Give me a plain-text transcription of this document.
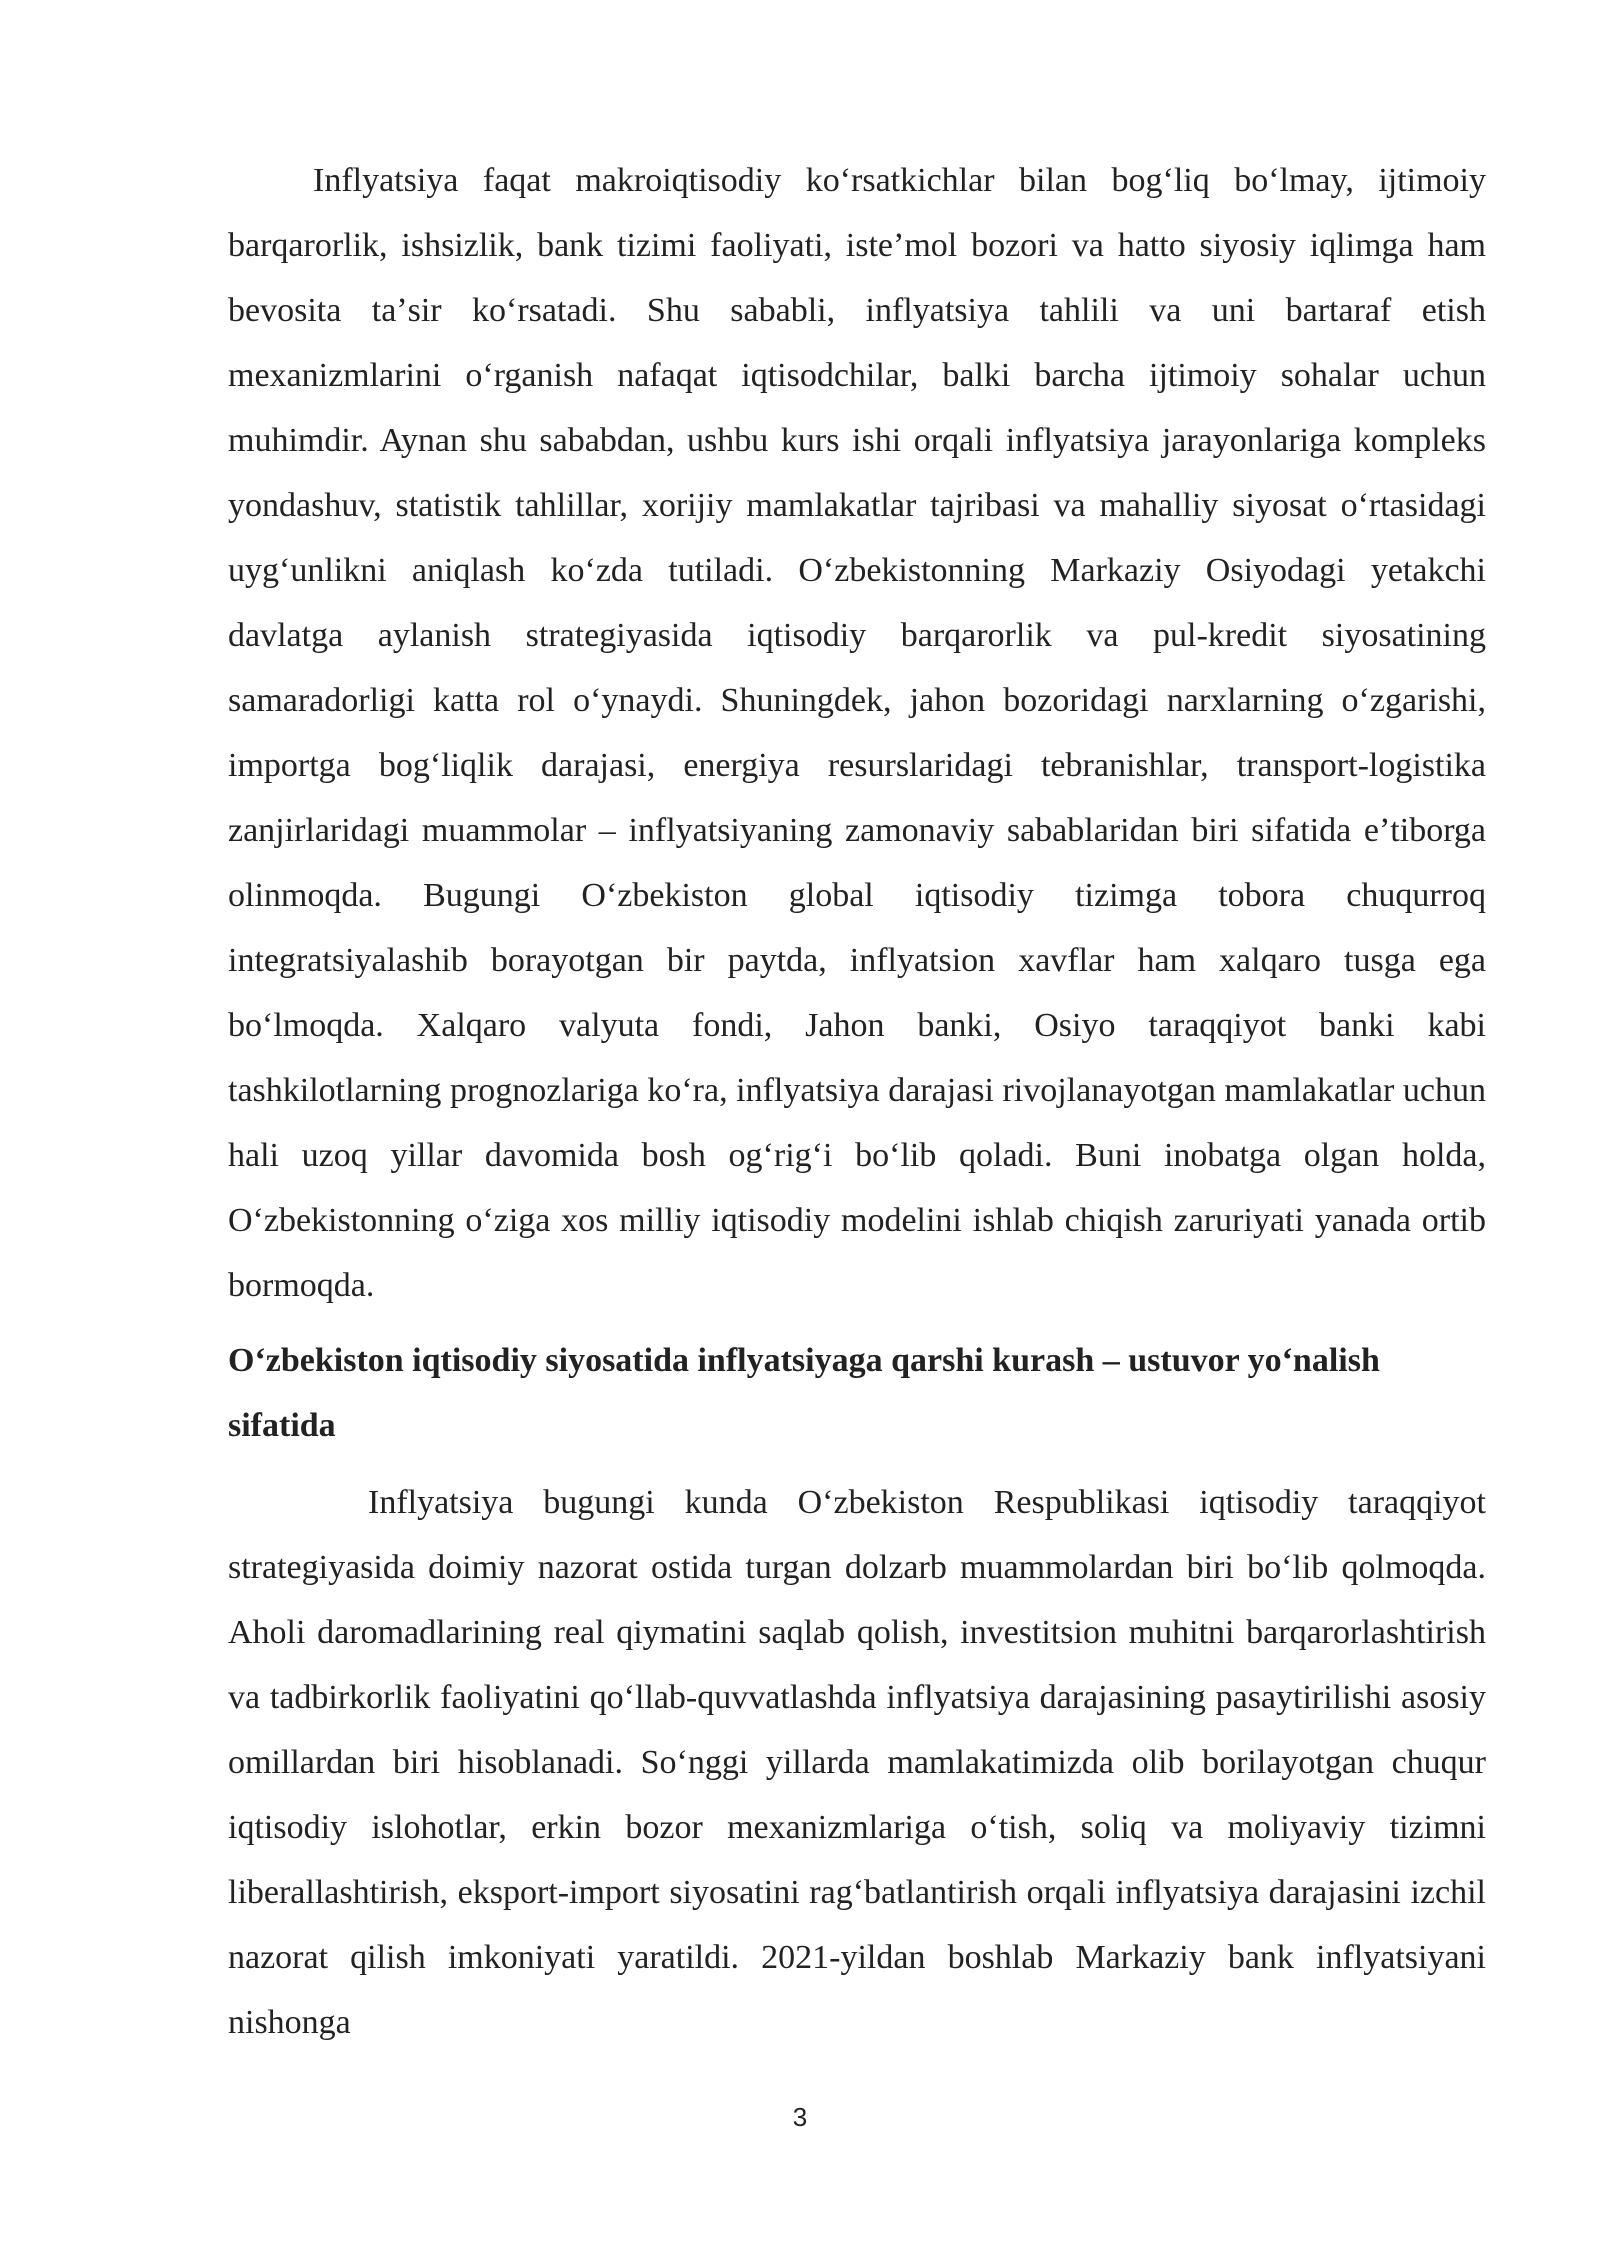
Inflyatsiya faqat makroiqtisodiy koʻrsatkichlar bilan bogʻliq boʻlmay, ijtimoiy barqarorlik, ishsizlik, bank tizimi faoliyati, isteʼmol bozori va hatto siyosiy iqlimga ham bevosita taʼsir koʻrsatadi. Shu sababli, inflyatsiya tahlili va uni bartaraf etish mexanizmlarini oʻrganish nafaqat iqtisodchilar, balki barcha ijtimoiy sohalar uchun muhimdir. Aynan shu sababdan, ushbu kurs ishi orqali inflyatsiya jarayonlariga kompleks yondashuv, statistik tahlillar, xorijiy mamlakatlar tajribasi va mahalliy siyosat oʻrtasidagi uygʻunlikni aniqlash koʻzda tutiladi. Oʻzbekistonning Markaziy Osiyodagi yetakchi davlatga aylanish strategiyasida iqtisodiy barqarorlik va pul-kredit siyosatining samaradorligi katta rol oʻynaydi. Shuningdek, jahon bozoridagi narxlarning oʻzgarishi, importga bogʻliqlik darajasi, energiya resurslaridagi tebranishlar, transport-logistika zanjirlaridagi muammolar – inflyatsiyaning zamonaviy sabablaridan biri sifatida eʼtiborga olinmoqda. Bugungi Oʻzbekiston global iqtisodiy tizimga tobora chuqurroq integratsiyalashib borayotgan bir paytda, inflyatsion xavflar ham xalqaro tusga ega boʻlmoqda. Xalqaro valyuta fondi, Jahon banki, Osiyo taraqqiyot banki kabi tashkilotlarning prognozlariga koʻra, inflyatsiya darajasi rivojlanayotgan mamlakatlar uchun hali uzoq yillar davomida bosh ogʻrigʻi boʻlib qoladi. Buni inobatga olgan holda, Oʻzbekistonning oʻziga xos milliy iqtisodiy modelini ishlab chiqish zaruriyati yanada ortib bormoqda.

Oʻzbekiston iqtisodiy siyosatida inflyatsiyaga qarshi kurash – ustuvor yoʻnalish sifatida

Inflyatsiya bugungi kunda Oʻzbekiston Respublikasi iqtisodiy taraqqiyot strategiyasida doimiy nazorat ostida turgan dolzarb muammolardan biri boʻlib qolmoqda. Aholi daromadlarining real qiymatini saqlab qolish, investitsion muhitni barqarorlashtirish va tadbirkorlik faoliyatini qoʻllab-quvvatlashda inflyatsiya darajasining pasaytirilishi asosiy omillardan biri hisoblanadi. Soʻnggi yillarda mamlakatimizda olib borilayotgan chuqur iqtisodiy islohotlar, erkin bozor mexanizmlariga oʻtish, soliq va moliyaviy tizimni liberallashtirish, eksport-import siyosatini ragʻbatlantirish orqali inflyatsiya darajasini izchil nazorat qilish imkoniyati yaratildi. 2021-yildan boshlab Markaziy bank inflyatsiyani nishonga

3
